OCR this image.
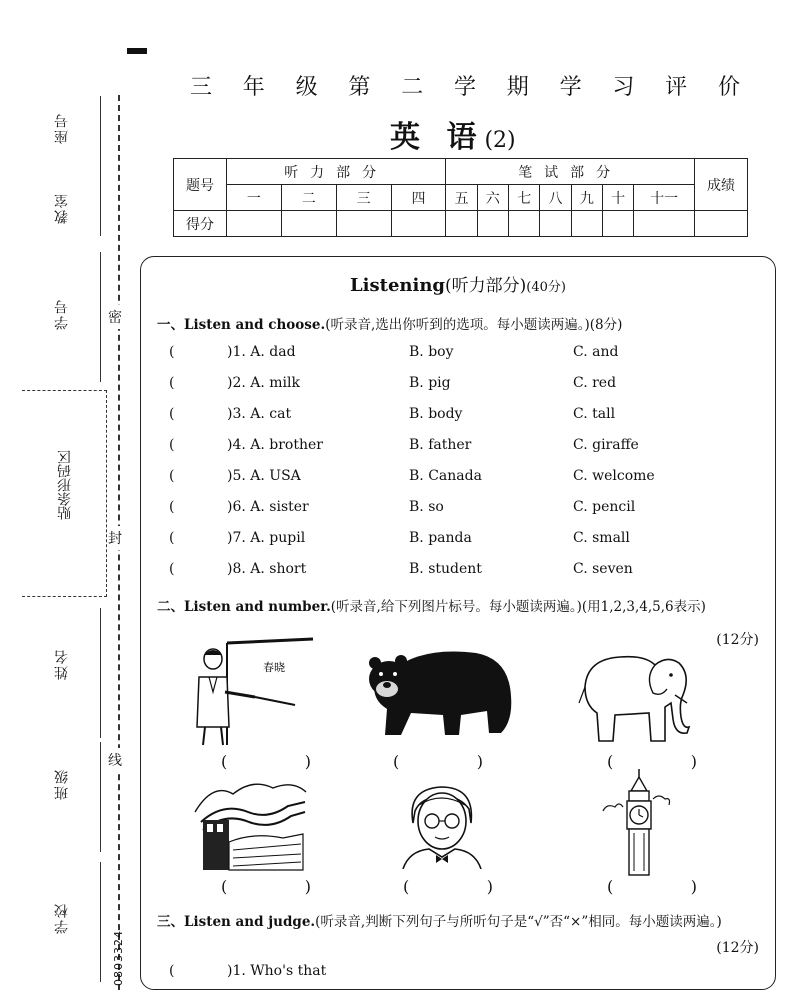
座号
教室
学号
姓名
班级
学校
贴条形码区
密
封
线
0803324
三 年 级 第 二 学 期 学 习 评 价
英 语(2)
题号	听力部分				笔试部分							成绩
	一	二	三	四	五	六	七	八	九	十	十一	
得分												
Listening(听力部分)(40分)
一、Listen and choose.(听录音,选出你听到的选项。每小题读两遍。)(8分)
(	)1. A. dad	B. boy	C. and
(	)2. A. milk	B. pig	C. red
(	)3. A. cat	B. body	C. tall
(	)4. A. brother	B. father	C. giraffe
(	)5. A. USA	B. Canada	C. welcome
(	)6. A. sister	B. so	C. pencil
(	)7. A. pupil	B. panda	C. small
(	)8. A. short	B. student	C. seven
二、Listen and number.(听录音,给下列图片标号。每小题读两遍。)(用1,2,3,4,5,6表示)
(12分)
春晓
(	)	(	)	(	)
(	)	(	)	(	)
三、Listen and judge.(听录音,判断下列句子与所听句子是“√”否“×”相同。每小题读两遍。)
(12分)
(	)1. Who's that
